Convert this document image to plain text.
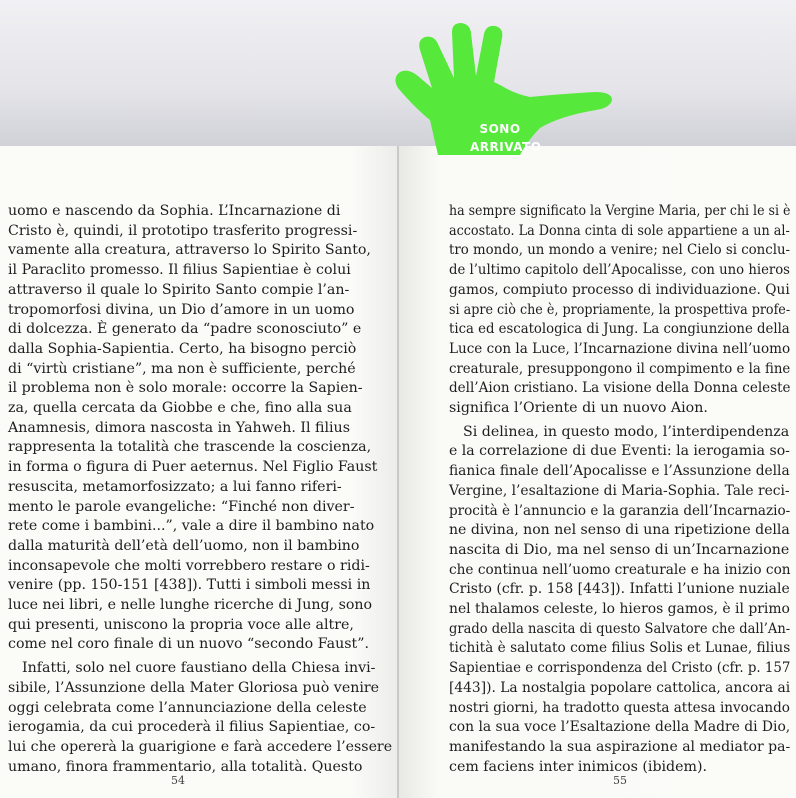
uomo e nascendo da Sophia. L’Incarnazione di
Cristo è, quindi, il prototipo trasferito progressi-
vamente alla creatura, attraverso lo Spirito Santo,
il Paraclito promesso. Il filius Sapientiae è colui
attraverso il quale lo Spirito Santo compie l’an-
tropomorfosi divina, un Dio d’amore in un uomo
di dolcezza. È generato da “padre sconosciuto” e
dalla Sophia-Sapientia. Certo, ha bisogno perciò
di “virtù cristiane”, ma non è sufficiente, perché
il problema non è solo morale: occorre la Sapien-
za, quella cercata da Giobbe e che, fino alla sua
Anamnesis, dimora nascosta in Yahweh. Il filius
rappresenta la totalità che trascende la coscienza,
in forma o figura di Puer aeternus. Nel Figlio Faust
resuscita, metamorfosizzato; a lui fanno riferi-
mento le parole evangeliche: “Finché non diver-
rete come i bambini...”, vale a dire il bambino nato
dalla maturità dell’età dell’uomo, non il bambino
inconsapevole che molti vorrebbero restare o ridi-
venire (pp. 150-151 [438]). Tutti i simboli messi in
luce nei libri, e nelle lunghe ricerche di Jung, sono
qui presenti, uniscono la propria voce alle altre,
come nel coro finale di un nuovo “secondo Faust”.
Infatti, solo nel cuore faustiano della Chiesa invi-
sibile, l’Assunzione della Mater Gloriosa può venire
oggi celebrata come l’annunciazione della celeste
ierogamia, da cui procederà il filius Sapientiae, co-
lui che opererà la guarigione e farà accedere l’essere
umano, finora frammentario, alla totalità. Questo
54
ha sempre significato la Vergine Maria, per chi le si è
accostato. La Donna cinta di sole appartiene a un al-
tro mondo, un mondo a venire; nel Cielo si conclu-
de l’ultimo capitolo dell’Apocalisse, con uno hieros
gamos, compiuto processo di individuazione. Qui
si apre ciò che è, propriamente, la prospettiva profe-
tica ed escatologica di Jung. La congiunzione della
Luce con la Luce, l’Incarnazione divina nell’uomo
creaturale, presuppongono il compimento e la fine
dell’Aion cristiano. La visione della Donna celeste
significa l’Oriente di un nuovo Aion.
Si delinea, in questo modo, l’interdipendenza
e la correlazione di due Eventi: la ierogamia so-
fianica finale dell’Apocalisse e l’Assunzione della
Vergine, l’esaltazione di Maria-Sophia. Tale reci-
procità è l’annuncio e la garanzia dell’Incarnazio-
ne divina, non nel senso di una ripetizione della
nascita di Dio, ma nel senso di un’Incarnazione
che continua nell’uomo creaturale e ha inizio con
Cristo (cfr. p. 158 [443]). Infatti l’unione nuziale
nel thalamos celeste, lo hieros gamos, è il primo
grado della nascita di questo Salvatore che dall’An-
tichità è salutato come filius Solis et Lunae, filius
Sapientiae e corrispondenza del Cristo (cfr. p. 157
[443]). La nostalgia popolare cattolica, ancora ai
nostri giorni, ha tradotto questa attesa invocando
con la sua voce l’Esaltazione della Madre di Dio,
manifestando la sua aspirazione al mediator pa-
cem faciens inter inimicos (ibidem).
55
SONO
ARRIVATO
